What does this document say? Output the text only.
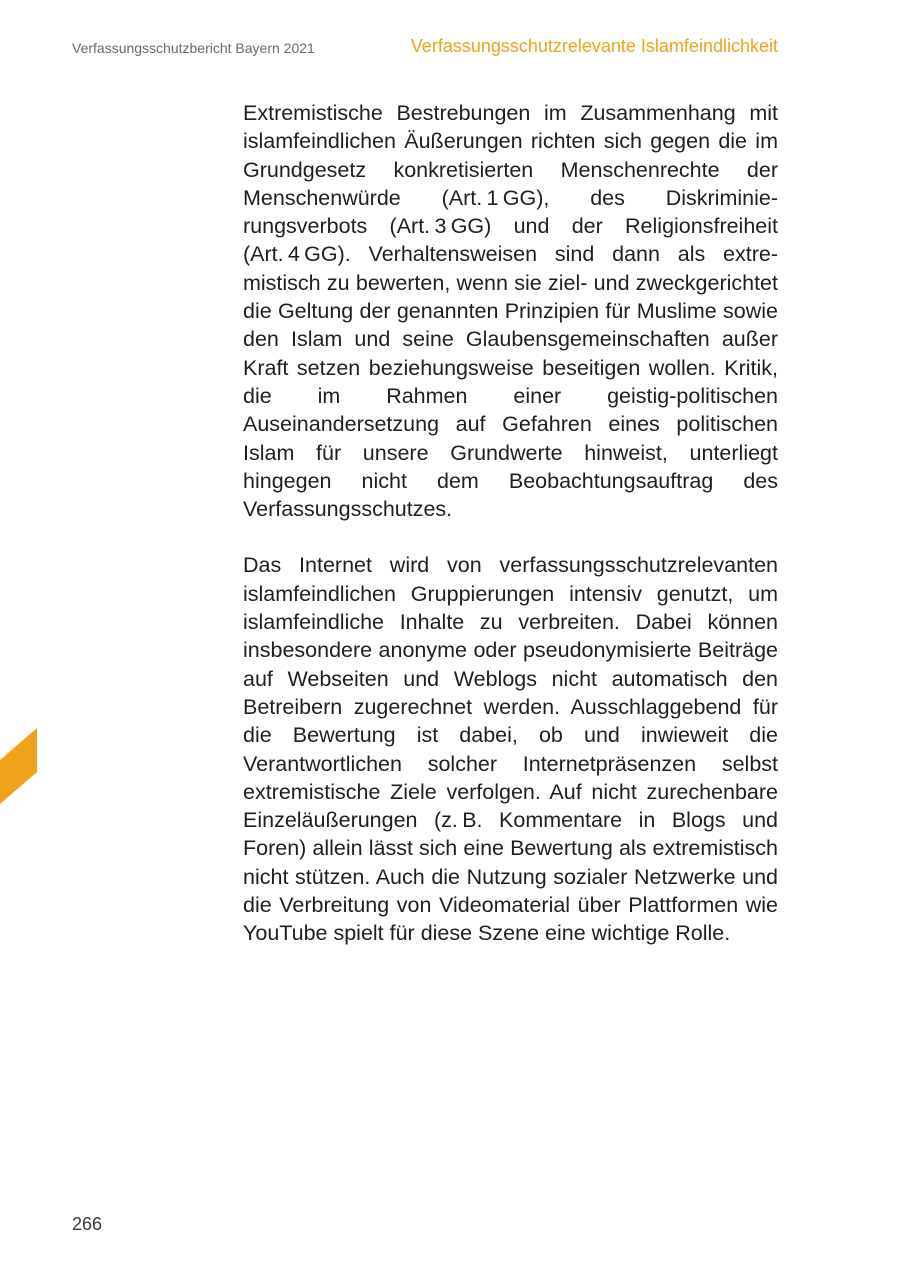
Verfassungsschutzbericht Bayern 2021	Verfassungsschutzrelevante Islamfeindlichkeit

Extremistische Bestrebungen im Zusammenhang mit islamfeindlichen Äußerungen richten sich gegen die im Grundgesetz konkretisierten Menschenrechte der Menschenwürde (Art. 1 GG), des Diskriminierungsverbots (Art. 3 GG) und der Religionsfreiheit (Art. 4 GG). Verhaltensweisen sind dann als extremistisch zu bewerten, wenn sie ziel- und zweckgerichtet die Geltung der genannten Prinzipien für Muslime sowie den Islam und seine Glaubensgemeinschaften außer Kraft setzen beziehungsweise beseitigen wollen. Kritik, die im Rahmen einer geistig-politischen Auseinandersetzung auf Gefahren eines politischen Islam für unsere Grundwerte hinweist, unterliegt hingegen nicht dem Beobachtungsauftrag des Verfassungsschutzes.

Das Internet wird von verfassungsschutzrelevanten islamfeindlichen Gruppierungen intensiv genutzt, um islamfeindliche Inhalte zu verbreiten. Dabei können insbesondere anonyme oder pseudonymisierte Beiträge auf Webseiten und Weblogs nicht automatisch den Betreibern zugerechnet werden. Ausschlaggebend für die Bewertung ist dabei, ob und inwieweit die Verantwortlichen solcher Internetpräsenzen selbst extremistische Ziele verfolgen. Auf nicht zurechenbare Einzeläußerungen (z. B. Kommentare in Blogs und Foren) allein lässt sich eine Bewertung als extremistisch nicht stützen. Auch die Nutzung sozialer Netzwerke und die Verbreitung von Videomaterial über Plattformen wie YouTube spielt für diese Szene eine wichtige Rolle.

266
